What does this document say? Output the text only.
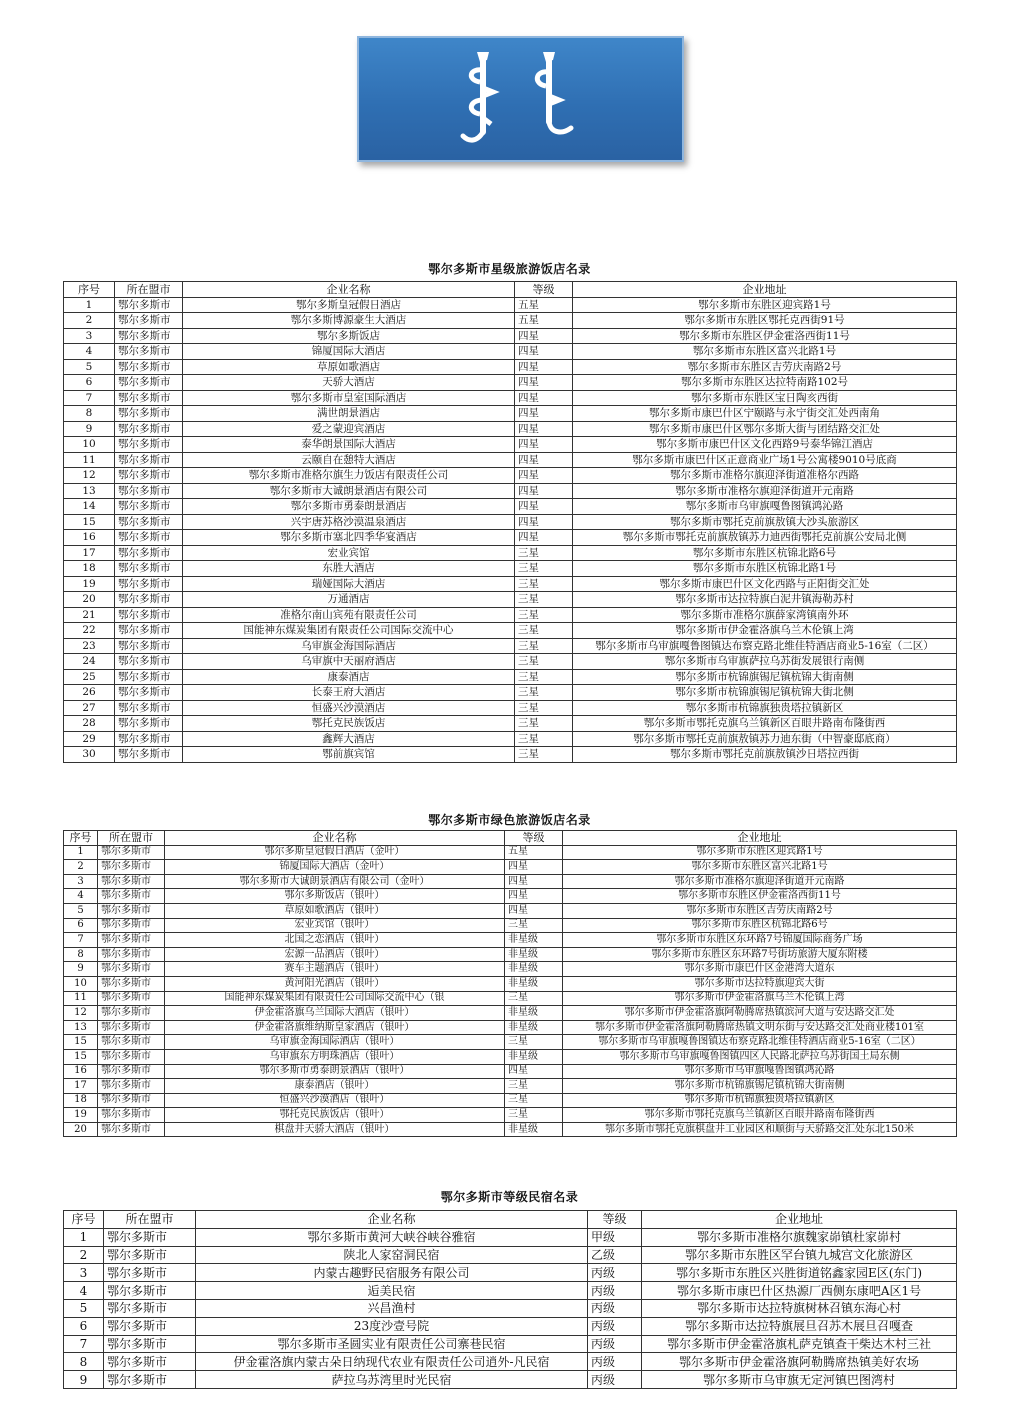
鄂尔多斯市星级旅游饭店名录
序号	所在盟市	企业名称	等级	企业地址
1	鄂尔多斯市	鄂尔多斯皇冠假日酒店	五星	鄂尔多斯市东胜区迎宾路1号
2	鄂尔多斯市	鄂尔多斯博源豪生大酒店	五星	鄂尔多斯市东胜区鄂托克西街91号
3	鄂尔多斯市	鄂尔多斯饭店	四星	鄂尔多斯市东胜区伊金霍洛西街11号
4	鄂尔多斯市	锦厦国际大酒店	四星	鄂尔多斯市东胜区富兴北路1号
5	鄂尔多斯市	草原如歌酒店	四星	鄂尔多斯市东胜区吉劳庆南路2号
6	鄂尔多斯市	天骄大酒店	四星	鄂尔多斯市东胜区达拉特南路102号
7	鄂尔多斯市	鄂尔多斯市皇室国际酒店	四星	鄂尔多斯市东胜区宝日陶亥西街
8	鄂尔多斯市	满世朗景酒店	四星	鄂尔多斯市康巴什区宁颐路与永宁街交汇处西南角
9	鄂尔多斯市	爱之蒙迎宾酒店	四星	鄂尔多斯市康巴什区鄂尔多斯大街与团结路交汇处
10	鄂尔多斯市	泰华朗景国际大酒店	四星	鄂尔多斯市康巴什区文化西路9号泰华锦江酒店
11	鄂尔多斯市	云颐自在憩特大酒店	四星	鄂尔多斯市康巴什区正意商业广场1号公寓楼9010号底商
12	鄂尔多斯市	鄂尔多斯市准格尔旗生力饭店有限责任公司	四星	鄂尔多斯市准格尔旗迎泽街道准格尔西路
13	鄂尔多斯市	鄂尔多斯市大诚朗景酒店有限公司	四星	鄂尔多斯市准格尔旗迎泽街道开元南路
14	鄂尔多斯市	鄂尔多斯市勇泰朗景酒店	四星	鄂尔多斯市乌审旗嘎鲁图镇鸿沁路
15	鄂尔多斯市	兴宇唐苏格沙漠温泉酒店	四星	鄂尔多斯市鄂托克前旗敖镇大沙头旅游区
16	鄂尔多斯市	鄂尔多斯市塞北四季华宴酒店	四星	鄂尔多斯市鄂托克前旗敖镇苏力迪西街鄂托克前旗公安局北侧
17	鄂尔多斯市	宏业宾馆	三星	鄂尔多斯市东胜区杭锦北路6号
18	鄂尔多斯市	东胜大酒店	三星	鄂尔多斯市东胜区杭锦北路1号
19	鄂尔多斯市	瑞娅国际大酒店	三星	鄂尔多斯市康巴什区文化西路与正阳街交汇处
20	鄂尔多斯市	万通酒店	三星	鄂尔多斯市达拉特旗白泥井镇海勒苏村
21	鄂尔多斯市	准格尔南山宾苑有限责任公司	三星	鄂尔多斯市准格尔旗薛家湾镇南外环
22	鄂尔多斯市	国能神东煤炭集团有限责任公司国际交流中心	三星	鄂尔多斯市伊金霍洛旗乌兰木伦镇上湾
23	鄂尔多斯市	乌审旗金海国际酒店	三星	鄂尔多斯市乌审旗嘎鲁图镇达布察克路北维佳特酒店商业5-16室（二区）
24	鄂尔多斯市	乌审旗中天丽府酒店	三星	鄂尔多斯市乌审旗萨拉乌苏街发展银行南侧
25	鄂尔多斯市	康泰酒店	三星	鄂尔多斯市杭锦旗锡尼镇杭锦大街南侧
26	鄂尔多斯市	长泰王府大酒店	三星	鄂尔多斯市杭锦旗锡尼镇杭锦大街北侧
27	鄂尔多斯市	恒盛兴沙漠酒店	三星	鄂尔多斯市杭锦旗独贵塔拉镇新区
28	鄂尔多斯市	鄂托克民族饭店	三星	鄂尔多斯市鄂托克旗乌兰镇新区百眼井路南布隆街西
29	鄂尔多斯市	鑫辉大酒店	三星	鄂尔多斯市鄂托克前旗敖镇苏力迪东街（中智豪邸底商）
30	鄂尔多斯市	鄂前旗宾馆	三星	鄂尔多斯市鄂托克前旗敖镇沙日塔拉西街
鄂尔多斯市绿色旅游饭店名录
序号	所在盟市	企业名称	等级	企业地址
1	鄂尔多斯市	鄂尔多斯皇冠假日酒店（金叶）	五星	鄂尔多斯市东胜区迎宾路1号
2	鄂尔多斯市	锦厦国际大酒店（金叶）	四星	鄂尔多斯市东胜区富兴北路1号
3	鄂尔多斯市	鄂尔多斯市大诚朗景酒店有限公司（金叶）	四星	鄂尔多斯市准格尔旗迎泽街道开元南路
4	鄂尔多斯市	鄂尔多斯饭店（银叶）	四星	鄂尔多斯市东胜区伊金霍洛西街11号
5	鄂尔多斯市	草原如歌酒店（银叶）	四星	鄂尔多斯市东胜区吉劳庆南路2号
6	鄂尔多斯市	宏业宾馆（银叶）	三星	鄂尔多斯市东胜区杭锦北路6号
7	鄂尔多斯市	北国之恋酒店（银叶）	非星级	鄂尔多斯市东胜区东环路7号锦厦国际商务广场
8	鄂尔多斯市	宏源一品酒店（银叶）	非星级	鄂尔多斯市东胜区东环路7号街坊旅游大厦东附楼
9	鄂尔多斯市	赛车主题酒店（银叶）	非星级	鄂尔多斯市康巴什区金港湾大道东
10	鄂尔多斯市	黄河阳光酒店（银叶）	非星级	鄂尔多斯市达拉特旗迎宾大街
11	鄂尔多斯市	国能神东煤炭集团有限责任公司国际交流中心（银	三星	鄂尔多斯市伊金霍洛旗乌兰木伦镇上湾
12	鄂尔多斯市	伊金霍洛旗乌兰国际大酒店（银叶）	非星级	鄂尔多斯市伊金霍洛旗阿勒腾席热镇滨河大道与安达路交汇处
13	鄂尔多斯市	伊金霍洛旗维纳斯皇家酒店（银叶）	非星级	鄂尔多斯市伊金霍洛旗阿勒腾席热镇文明东街与安达路交汇处商业楼101室
15	鄂尔多斯市	乌审旗金海国际酒店（银叶）	三星	鄂尔多斯市乌审旗嘎鲁图镇达布察克路北维佳特酒店商业5-16室（二区）
15	鄂尔多斯市	乌审旗东方明珠酒店（银叶）	非星级	鄂尔多斯市乌审旗嘎鲁图镇四区人民路北萨拉乌苏街国土局东侧
16	鄂尔多斯市	鄂尔多斯市勇泰朗景酒店（银叶）	四星	鄂尔多斯市乌审旗嘎鲁图镇鸿沁路
17	鄂尔多斯市	康泰酒店（银叶）	三星	鄂尔多斯市杭锦旗锡尼镇杭锦大街南侧
18	鄂尔多斯市	恒盛兴沙漠酒店（银叶）	三星	鄂尔多斯市杭锦旗独贵塔拉镇新区
19	鄂尔多斯市	鄂托克民族饭店（银叶）	三星	鄂尔多斯市鄂托克旗乌兰镇新区百眼井路南布隆街西
20	鄂尔多斯市	棋盘井天骄大酒店（银叶）	非星级	鄂尔多斯市鄂托克旗棋盘井工业园区和顺街与天骄路交汇处东北150米
鄂尔多斯市等级民宿名录
序号	所在盟市	企业名称	等级	企业地址
1	鄂尔多斯市	鄂尔多斯市黄河大峡谷峡谷雅宿	甲级	鄂尔多斯市准格尔旗魏家峁镇杜家峁村
2	鄂尔多斯市	陕北人家窑洞民宿	乙级	鄂尔多斯市东胜区罕台镇九城宫文化旅游区
3	鄂尔多斯市	内蒙古趣野民宿服务有限公司	丙级	鄂尔多斯市东胜区兴胜街道铭鑫家园E区(东门)
4	鄂尔多斯市	逅美民宿	丙级	鄂尔多斯市康巴什区热源厂西侧东康吧A区1号
5	鄂尔多斯市	兴昌渔村	丙级	鄂尔多斯市达拉特旗树林召镇东海心村
6	鄂尔多斯市	23度沙壹号院	丙级	鄂尔多斯市达拉特旗展旦召苏木展旦召嘎查
7	鄂尔多斯市	鄂尔多斯市圣圆实业有限责任公司寨巷民宿	丙级	鄂尔多斯市伊金霍洛旗札萨克镇查干柴达木村三社
8	鄂尔多斯市	伊金霍洛旗内蒙古朵日纳现代农业有限责任公司逍外-凡民宿	丙级	鄂尔多斯市伊金霍洛旗阿勒腾席热镇美好农场
9	鄂尔多斯市	萨拉乌苏湾里时光民宿	丙级	鄂尔多斯市乌审旗无定河镇巴图湾村
